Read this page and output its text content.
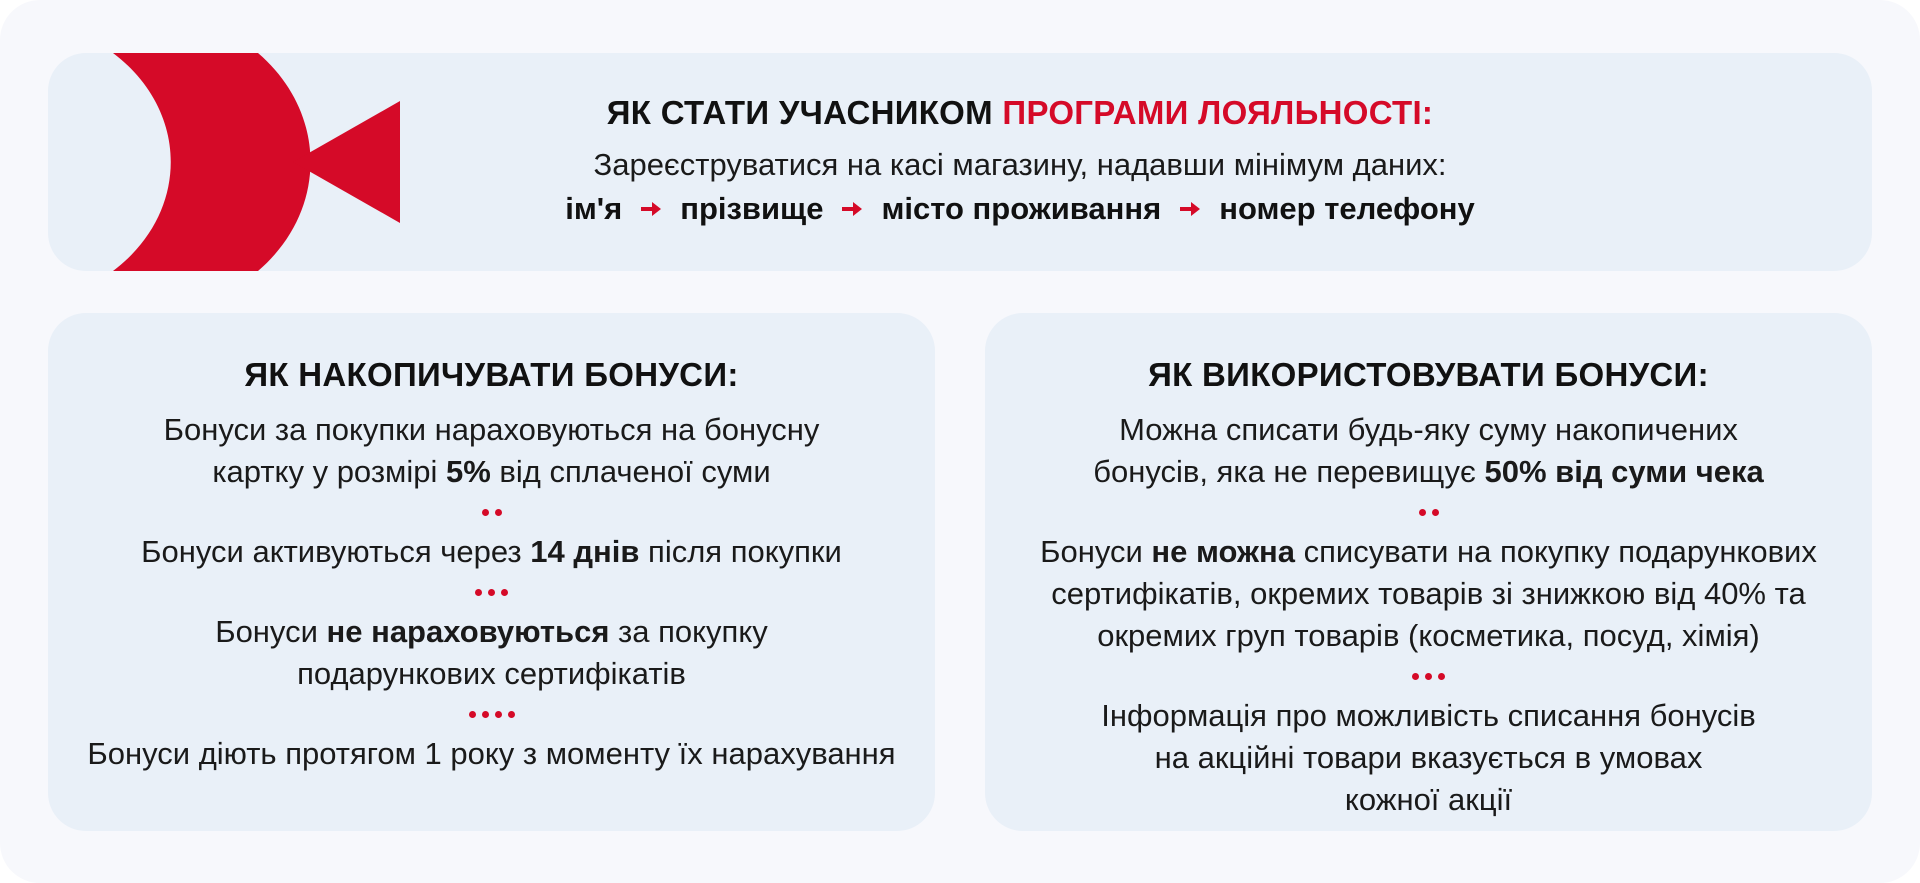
ЯК СТАТИ УЧАСНИКОМ ПРОГРАМИ ЛОЯЛЬНОСТІ:
Зареєструватися на касі магазину, надавши мінімум даних:
ім'я прізвище місто проживання номер телефону
ЯК НАКОПИЧУВАТИ БОНУСИ:
Бонуси за покупки нараховуються на бонусну
картку у розмірі 5% від сплаченої суми
Бонуси активуються через 14 днів після покупки
Бонуси не нараховуються за покупку
подарункових сертифікатів
Бонуси діють протягом 1 року з моменту їх нарахування
ЯК ВИКОРИСТОВУВАТИ БОНУСИ:
Можна списати будь-яку суму накопичених
бонусів, яка не перевищує 50% від суми чека
Бонуси не можна списувати на покупку подарункових
сертифікатів, окремих товарів зі знижкою від 40% та
окремих груп товарів (косметика, посуд, хімія)
Інформація про можливість списання бонусів
на акційні товари вказується в умовах
кожної акції
